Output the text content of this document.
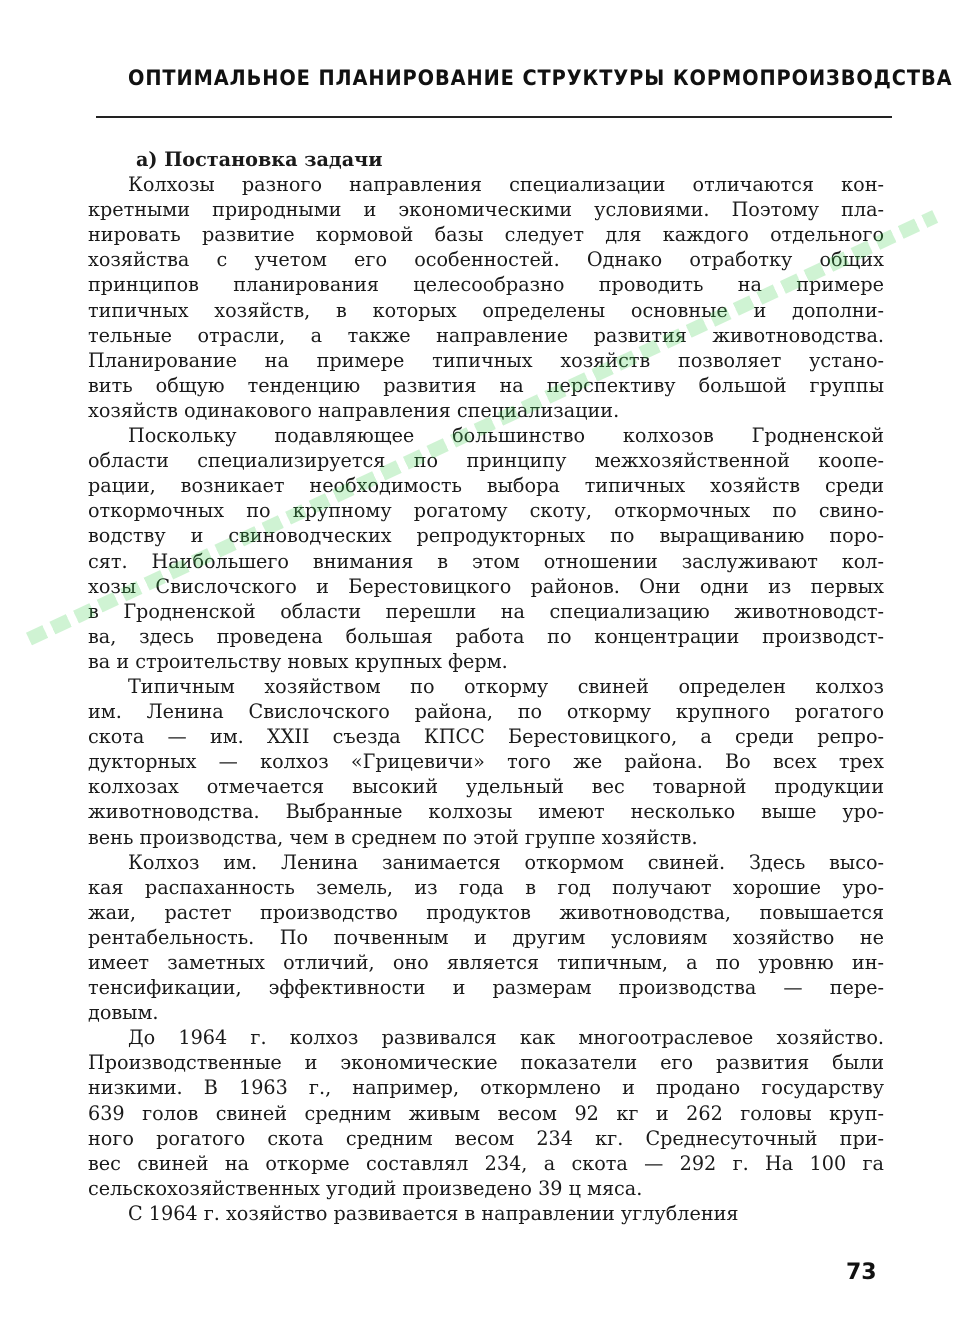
ОПТИМАЛЬНОЕ ПЛАНИРОВАНИЕ СТРУКТУРЫ КОРМОПРОИЗВОДСТВА
а) Постановка задачи
Колхозы разного направления специализации отличаются кон-
кретными природными и экономическими условиями. Поэтому пла-
нировать развитие кормовой базы следует для каждого отдельного
хозяйства с учетом его особенностей. Однако отработку общих
принципов планирования целесообразно проводить на примере
типичных хозяйств, в которых определены основные и дополни-
тельные отрасли, а также направление развития животноводства.
Планирование на примере типичных хозяйств позволяет устано-
вить общую тенденцию развития на перспективу большой группы
хозяйств одинакового направления специализации.
Поскольку подавляющее большинство колхозов Гродненской
области специализируется по принципу межхозяйственной коопе-
рации, возникает необходимость выбора типичных хозяйств среди
откормочных по крупному рогатому скоту, откормочных по свино-
водству и свиноводческих репродукторных по выращиванию поро-
сят. Наибольшего внимания в этом отношении заслуживают кол-
хозы Свислочского и Берестовицкого районов. Они одни из первых
в Гродненской области перешли на специализацию животноводст-
ва, здесь проведена большая работа по концентрации производст-
ва и строительству новых крупных ферм.
Типичным хозяйством по откорму свиней определен колхоз
им. Ленина Свислочского района, по откорму крупного рогатого
скота — им. XXII съезда КПСС Берестовицкого, а среди репро-
дукторных — колхоз «Грицевичи» того же района. Во всех трех
колхозах отмечается высокий удельный вес товарной продукции
животноводства. Выбранные колхозы имеют несколько выше уро-
вень производства, чем в среднем по этой группе хозяйств.
Колхоз им. Ленина занимается откормом свиней. Здесь высо-
кая распаханность земель, из года в год получают хорошие уро-
жаи, растет производство продуктов животноводства, повышается
рентабельность. По почвенным и другим условиям хозяйство не
имеет заметных отличий, оно является типичным, а по уровню ин-
тенсификации, эффективности и размерам производства — пере-
довым.
До 1964 г. колхоз развивался как многоотраслевое хозяйство.
Производственные и экономические показатели его развития были
низкими. В 1963 г., например, откормлено и продано государству
639 голов свиней средним живым весом 92 кг и 262 головы круп-
ного рогатого скота средним весом 234 кг. Среднесуточный при-
вес свиней на откорме составлял 234, а скота — 292 г. На 100 га
сельскохозяйственных угодий произведено 39 ц мяса.
С 1964 г. хозяйство развивается в направлении углубления
73
